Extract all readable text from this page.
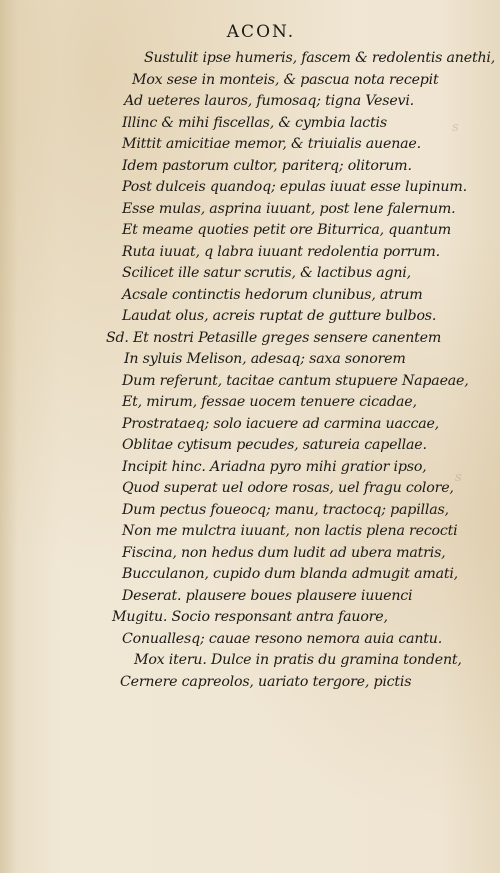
s
s
ACON.
Sustulit ipse humeris, fascem & redolentis anethi,
Mox sese in monteis, & pascua nota recepit
Ad ueteres lauros, fumosaq; tigna Vesevi.
Illinc & mihi fiscellas, & cymbia lactis
Mittit amicitiae memor, & triuialis auenae.
Idem pastorum cultor, pariterq; olitorum.
Post dulceis quandoq; epulas iuuat esse lupinum.
Esse mulas, asprina iuuant, post lene falernum.
Et meame quoties petit ore Biturrica, quantum
Ruta iuuat, q labra iuuant redolentia porrum.
Scilicet ille satur scrutis, & lactibus agni,
Acsale continctis hedorum clunibus, atrum
Laudat olus, acreis ruptat de gutture bulbos.
Sd. Et nostri Petasille greges sensere canentem
In syluis Melison, adesaq; saxa sonorem
Dum referunt, tacitae cantum stupuere Napaeae,
Et, mirum, fessae uocem tenuere cicadae,
Prostrataeq; solo iacuere ad carmina uaccae,
Oblitae cytisum pecudes, satureia capellae.
Incipit hinc. Ariadna pyro mihi gratior ipso,
Quod superat uel odore rosas, uel fragu colore,
Dum pectus foueocq; manu, tractocq; papillas,
Non me mulctra iuuant, non lactis plena recocti
Fiscina, non hedus dum ludit ad ubera matris,
Bucculanon, cupido dum blanda admugit amati,
Deserat. plausere boues plausere iuuenci
Mugitu. Socio responsant antra fauore,
Conuallesq; cauae resono nemora auia cantu.
Mox iteru. Dulce in pratis du gramina tondent,
Cernere capreolos, uariato tergore, pictis
